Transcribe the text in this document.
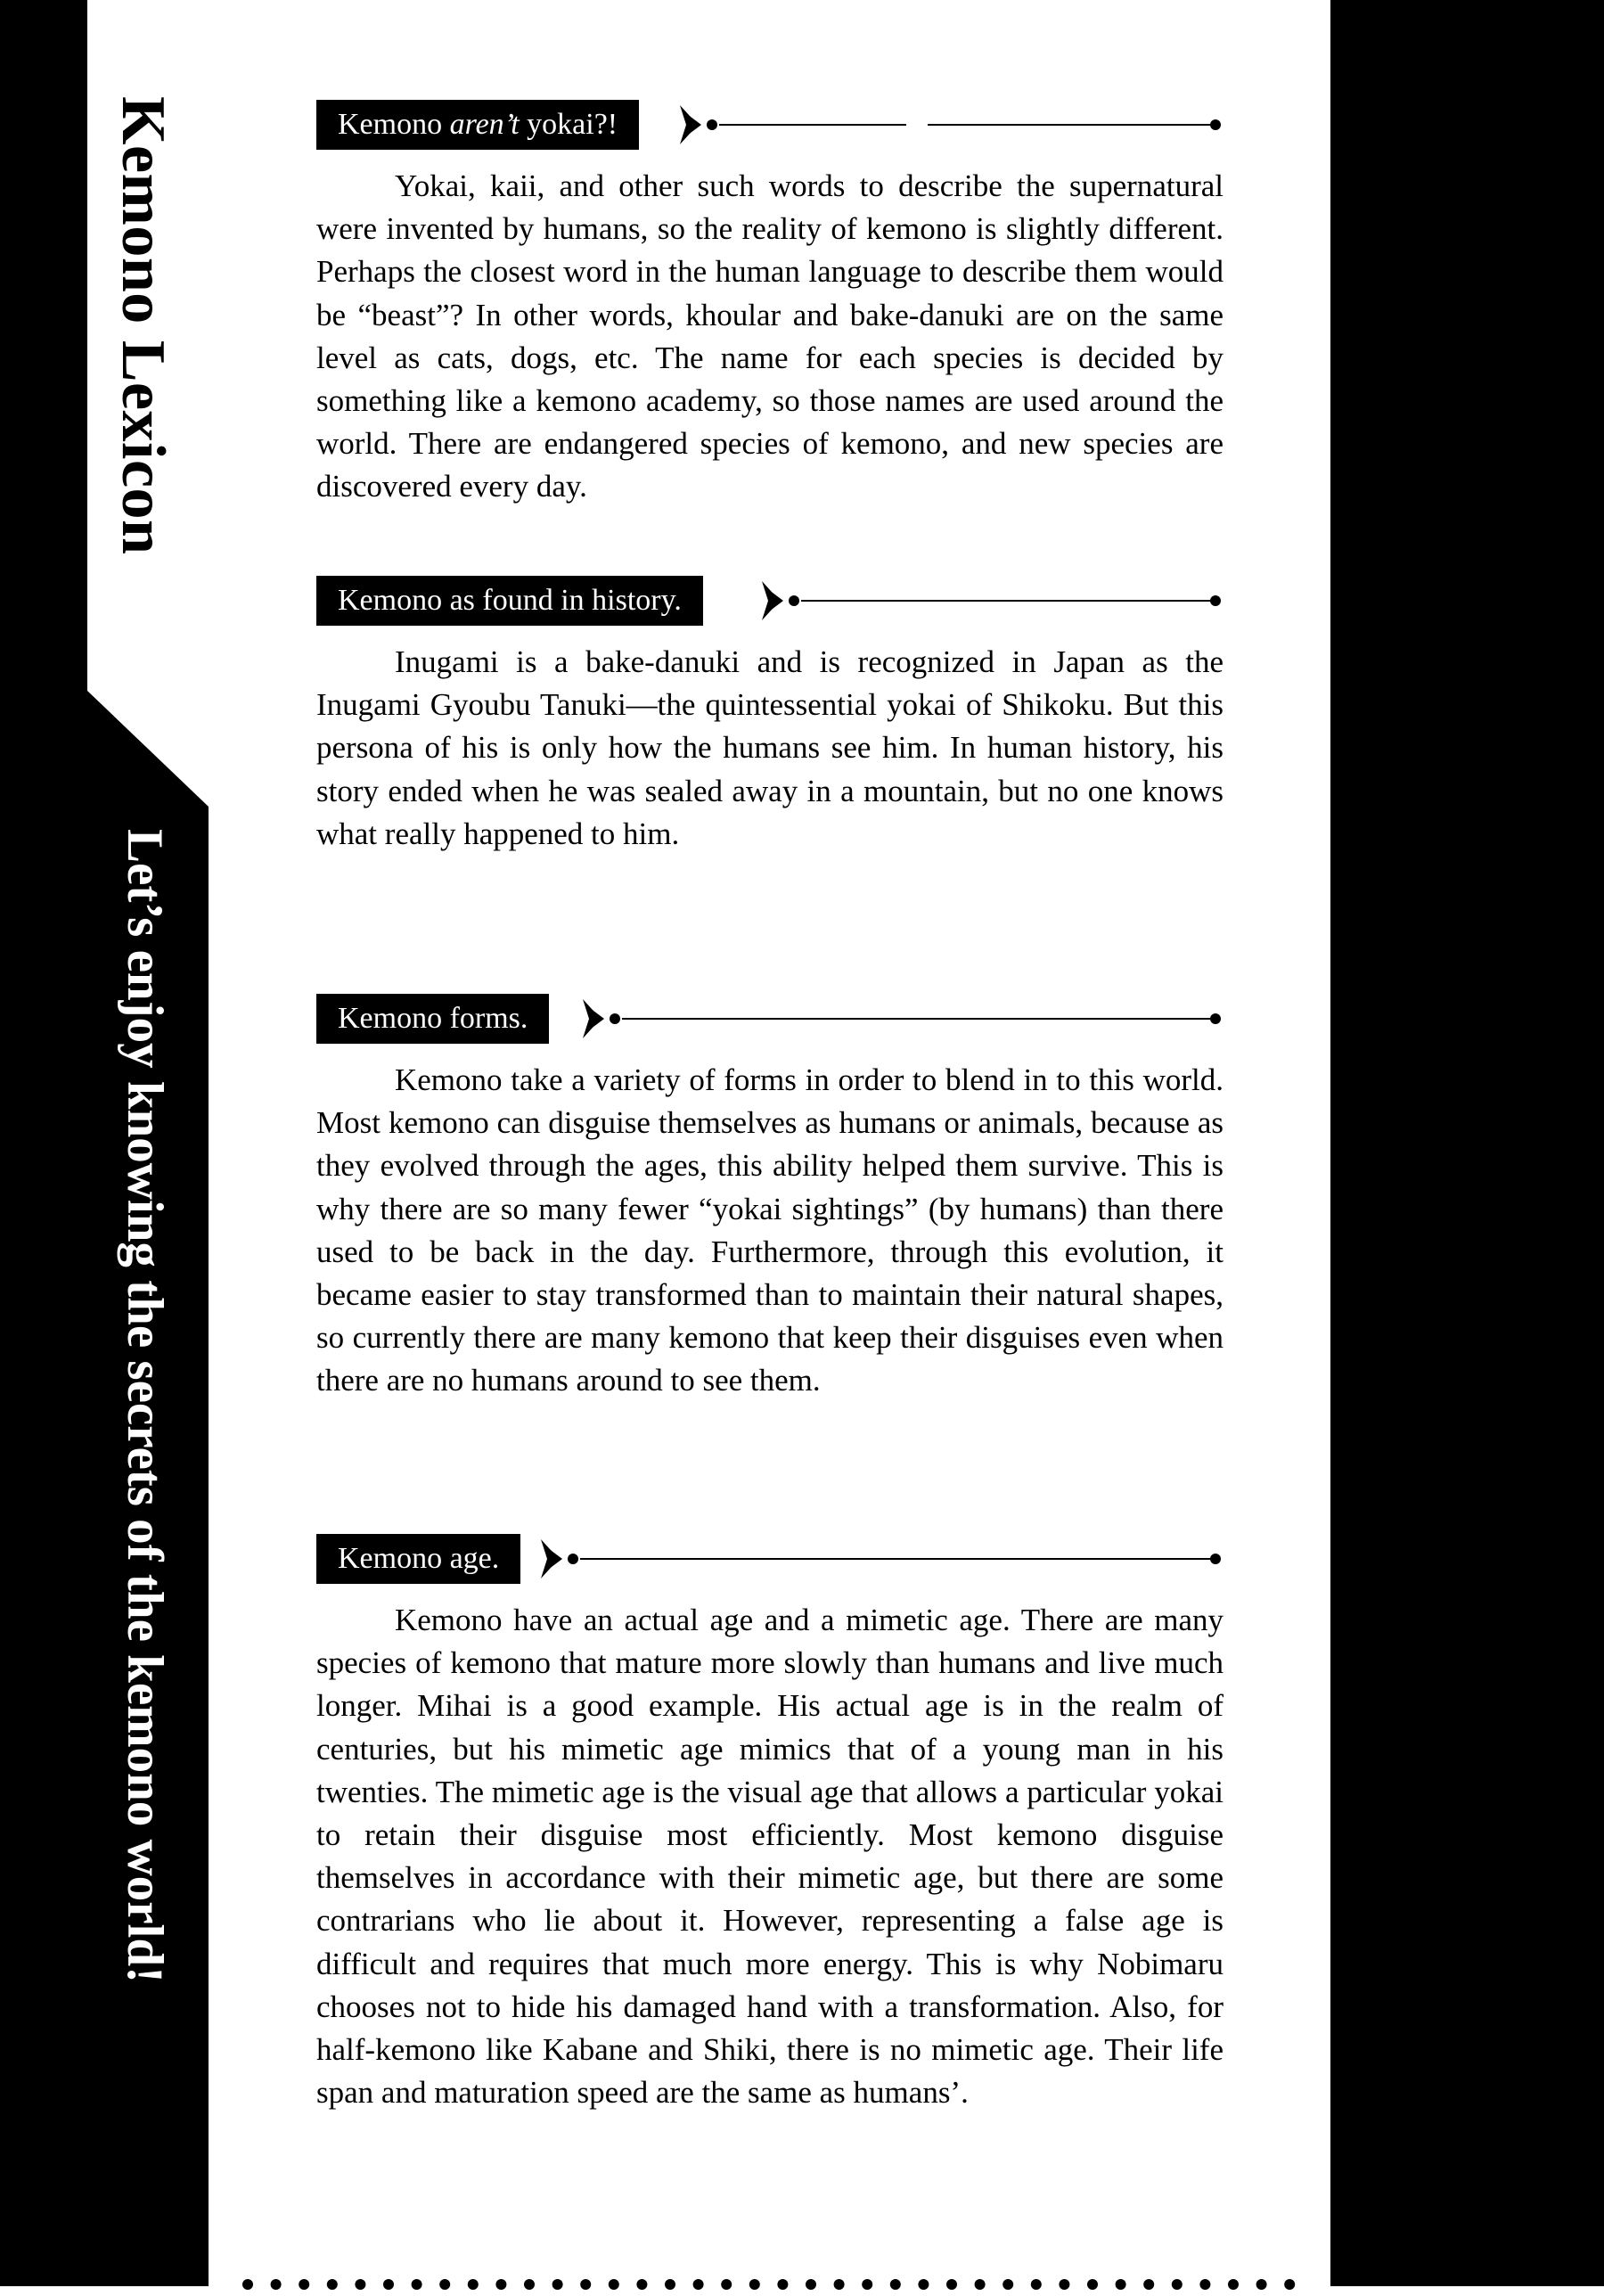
Kemono Lexicon
Let’s enjoy knowing the secrets of the kemono world!
Kemono aren’t yokai?!

Yokai, kaii, and other such words to describe the supernatural were invented by humans, so the reality of kemono is slightly different. Perhaps the closest word in the human language to describe them would be “beast”? In other words, khoular and bake-danuki are on the same level as cats, dogs, etc. The name for each species is decided by something like a kemono academy, so those names are used around the world. There are endangered species of kemono, and new species are discovered every day.

Kemono as found in history.

Inugami is a bake-danuki and is recognized in Japan as the Inugami Gyoubu Tanuki—the quintessential yokai of Shikoku. But this persona of his is only how the humans see him. In human history, his story ended when he was sealed away in a mountain, but no one knows what really happened to him.

Kemono forms.

Kemono take a variety of forms in order to blend in to this world. Most kemono can disguise themselves as humans or animals, because as they evolved through the ages, this ability helped them survive. This is why there are so many fewer “yokai sightings” (by humans) than there used to be back in the day. Furthermore, through this evolution, it became easier to stay transformed than to maintain their natural shapes, so currently there are many kemono that keep their disguises even when there are no humans around to see them.

Kemono age.

Kemono have an actual age and a mimetic age. There are many species of kemono that mature more slowly than humans and live much longer. Mihai is a good example. His actual age is in the realm of centuries, but his mimetic age mimics that of a young man in his twenties. The mimetic age is the visual age that allows a particular yokai to retain their disguise most efficiently. Most kemono disguise themselves in accordance with their mimetic age, but there are some contrarians who lie about it. However, representing a false age is difficult and requires that much more energy. This is why Nobimaru chooses not to hide his damaged hand with a transformation. Also, for half-kemono like Kabane and Shiki, there is no mimetic age. Their life span and maturation speed are the same as humans’.
